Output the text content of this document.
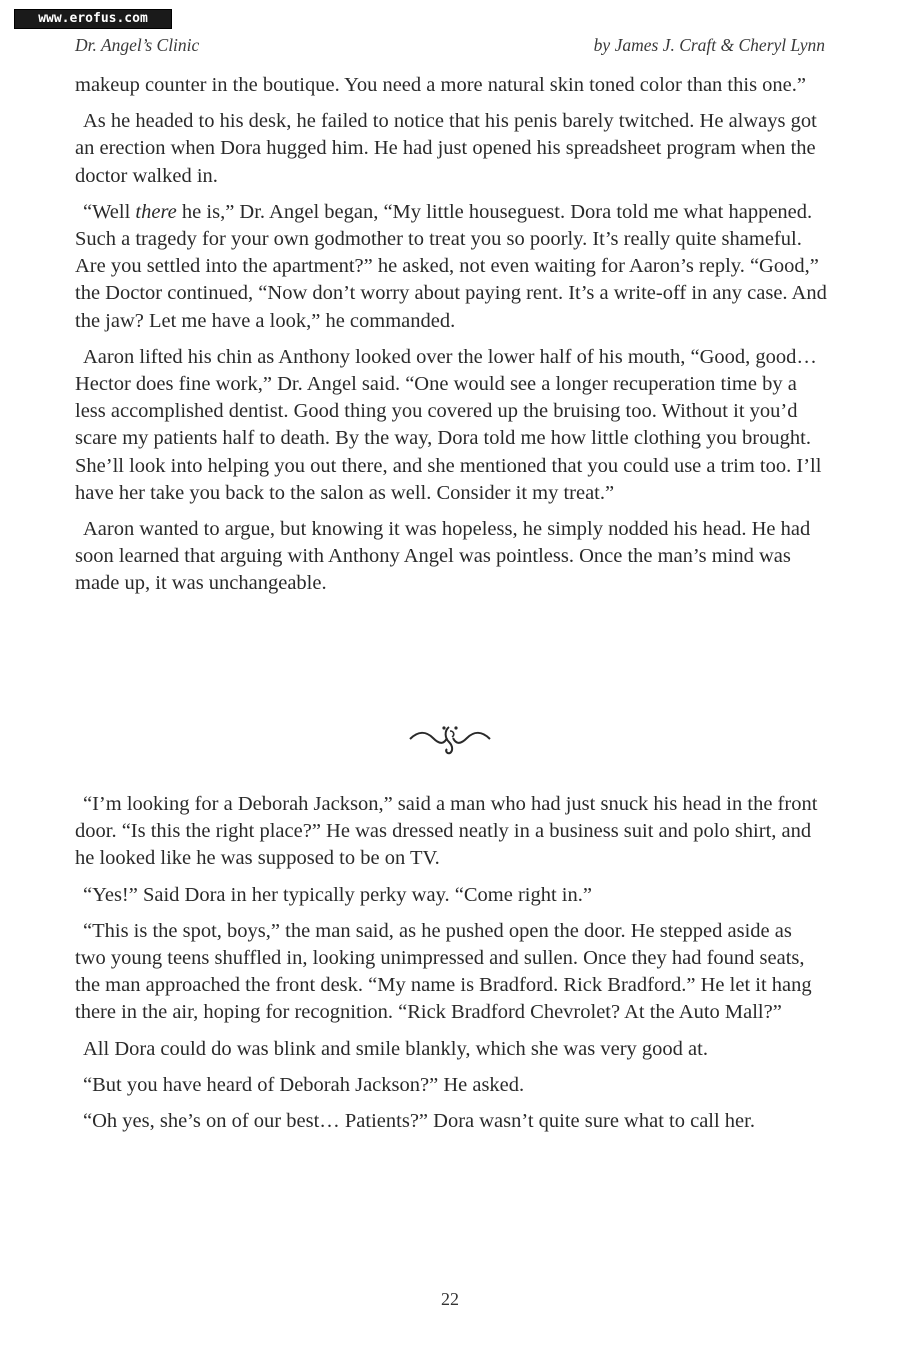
www.erofus.com
Dr. Angel’s Clinic	by James J. Craft & Cheryl Lynn

makeup counter in the boutique. You need a more natural skin toned color than this one.”

As he headed to his desk, he failed to notice that his penis barely twitched. He always got an erection when Dora hugged him. He had just opened his spreadsheet program when the doctor walked in.

“Well there he is,” Dr. Angel began, “My little houseguest. Dora told me what happened. Such a tragedy for your own godmother to treat you so poorly. It’s really quite shameful. Are you settled into the apartment?” he asked, not even waiting for Aaron’s reply. “Good,” the Doctor continued, “Now don’t worry about paying rent. It’s a write-off in any case. And the jaw? Let me have a look,” he commanded.

Aaron lifted his chin as Anthony looked over the lower half of his mouth, “Good, good… Hector does fine work,” Dr. Angel said. “One would see a longer recuperation time by a less accomplished dentist. Good thing you covered up the bruising too. Without it you’d scare my patients half to death. By the way, Dora told me how little clothing you brought. She’ll look into helping you out there, and she mentioned that you could use a trim too. I’ll have her take you back to the salon as well. Consider it my treat.”

Aaron wanted to argue, but knowing it was hopeless, he simply nodded his head. He had soon learned that arguing with Anthony Angel was pointless. Once the man’s mind was made up, it was unchangeable.

“I’m looking for a Deborah Jackson,” said a man who had just snuck his head in the front door. “Is this the right place?” He was dressed neatly in a business suit and polo shirt, and he looked like he was supposed to be on TV.

“Yes!” Said Dora in her typically perky way. “Come right in.”

“This is the spot, boys,” the man said, as he pushed open the door. He stepped aside as two young teens shuffled in, looking unimpressed and sullen. Once they had found seats, the man approached the front desk. “My name is Bradford. Rick Bradford.” He let it hang there in the air, hoping for recognition. “Rick Bradford Chevrolet? At the Auto Mall?”

All Dora could do was blink and smile blankly, which she was very good at.

“But you have heard of Deborah Jackson?” He asked.

“Oh yes, she’s on of our best… Patients?” Dora wasn’t quite sure what to call her.

22
